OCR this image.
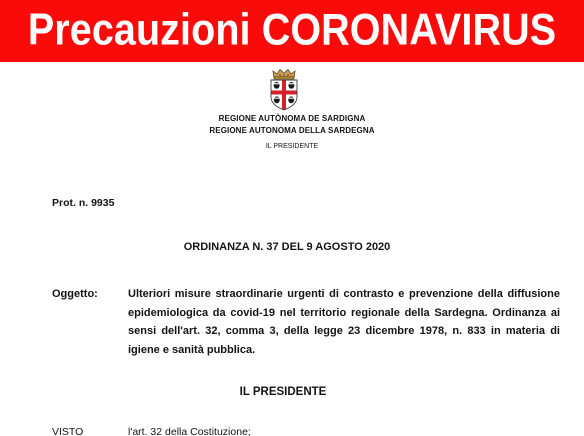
Precauzioni CORONAVIRUS
REGIONE AUTÒNOMA DE SARDIGNA
REGIONE AUTONOMA DELLA SARDEGNA
IL PRESIDENTE
Prot. n. 9935
ORDINANZA N. 37 DEL 9 AGOSTO 2020
Oggetto:	Ulteriori misure straordinarie urgenti di contrasto e prevenzione della diffusione
epidemiologica da covid-19 nel territorio regionale della Sardegna. Ordinanza ai
sensi dell'art. 32, comma 3, della legge 23 dicembre 1978, n. 833 in materia di
igiene e sanità pubblica.
IL PRESIDENTE
VISTO	l'art. 32 della Costituzione;
